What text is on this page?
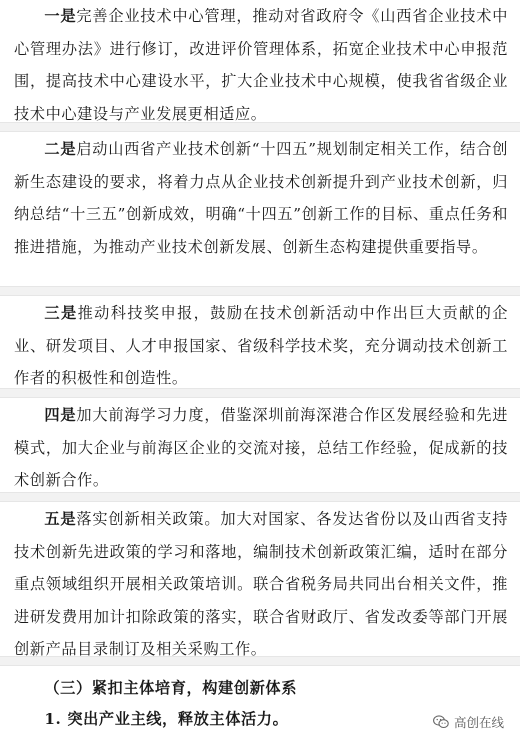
一是完善企业技术中心管理，推动对省政府令《山西省企业技术中心管理办法》进行修订，改进评价管理体系，拓宽企业技术中心申报范围，提高技术中心建设水平，扩大企业技术中心规模，使我省省级企业技术中心建设与产业发展更相适应。

二是启动山西省产业技术创新“十四五”规划制定相关工作，结合创新生态建设的要求，将着力点从企业技术创新提升到产业技术创新，归纳总结“十三五”创新成效，明确“十四五”创新工作的目标、重点任务和推进措施，为推动产业技术创新发展、创新生态构建提供重要指导。

三是推动科技奖申报，鼓励在技术创新活动中作出巨大贡献的企业、研发项目、人才申报国家、省级科学技术奖，充分调动技术创新工作者的积极性和创造性。

四是加大前海学习力度，借鉴深圳前海深港合作区发展经验和先进模式，加大企业与前海区企业的交流对接，总结工作经验，促成新的技术创新合作。

五是落实创新相关政策。加大对国家、各发达省份以及山西省支持技术创新先进政策的学习和落地，编制技术创新政策汇编，适时在部分重点领域组织开展相关政策培训。联合省税务局共同出台相关文件，推进研发费用加计扣除政策的落实，联合省财政厅、省发改委等部门开展创新产品目录制订及相关采购工作。

（三）紧扣主体培育，构建创新体系

1. 突出产业主线，释放主体活力。	高创在线
